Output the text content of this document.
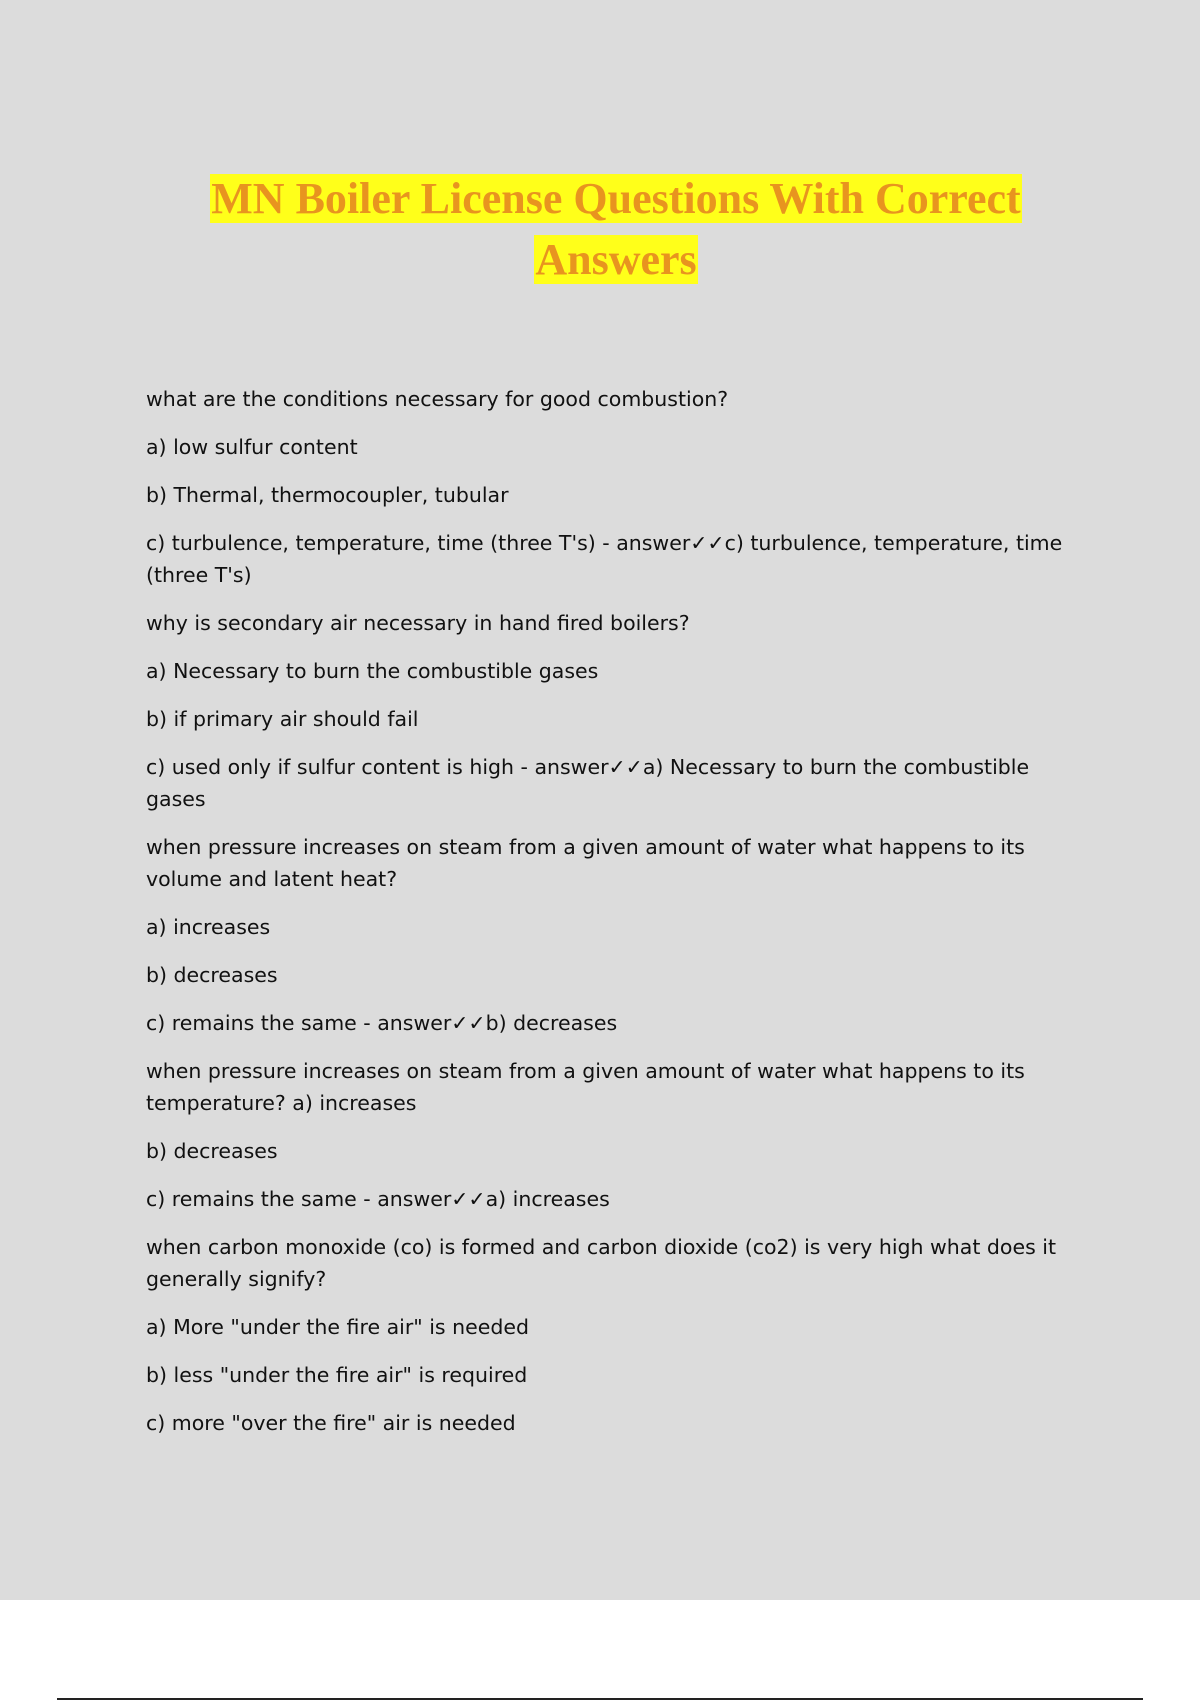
MN Boiler License Questions With Correct
Answers

what are the conditions necessary for good combustion?

a) low sulfur content

b) Thermal, thermocoupler, tubular

c) turbulence, temperature, time (three T's) - answer✓✓c) turbulence, temperature, time (three T's)

why is secondary air necessary in hand fired boilers?

a) Necessary to burn the combustible gases

b) if primary air should fail

c) used only if sulfur content is high - answer✓✓a) Necessary to burn the combustible gases

when pressure increases on steam from a given amount of water what happens to its volume and latent heat?

a) increases

b) decreases

c) remains the same - answer✓✓b) decreases

when pressure increases on steam from a given amount of water what happens to its temperature? a) increases

b) decreases

c) remains the same - answer✓✓a) increases

when carbon monoxide (co) is formed and carbon dioxide (co2) is very high what does it generally signify?

a) More "under the fire air" is needed

b) less "under the fire air" is required

c) more "over the fire" air is needed
